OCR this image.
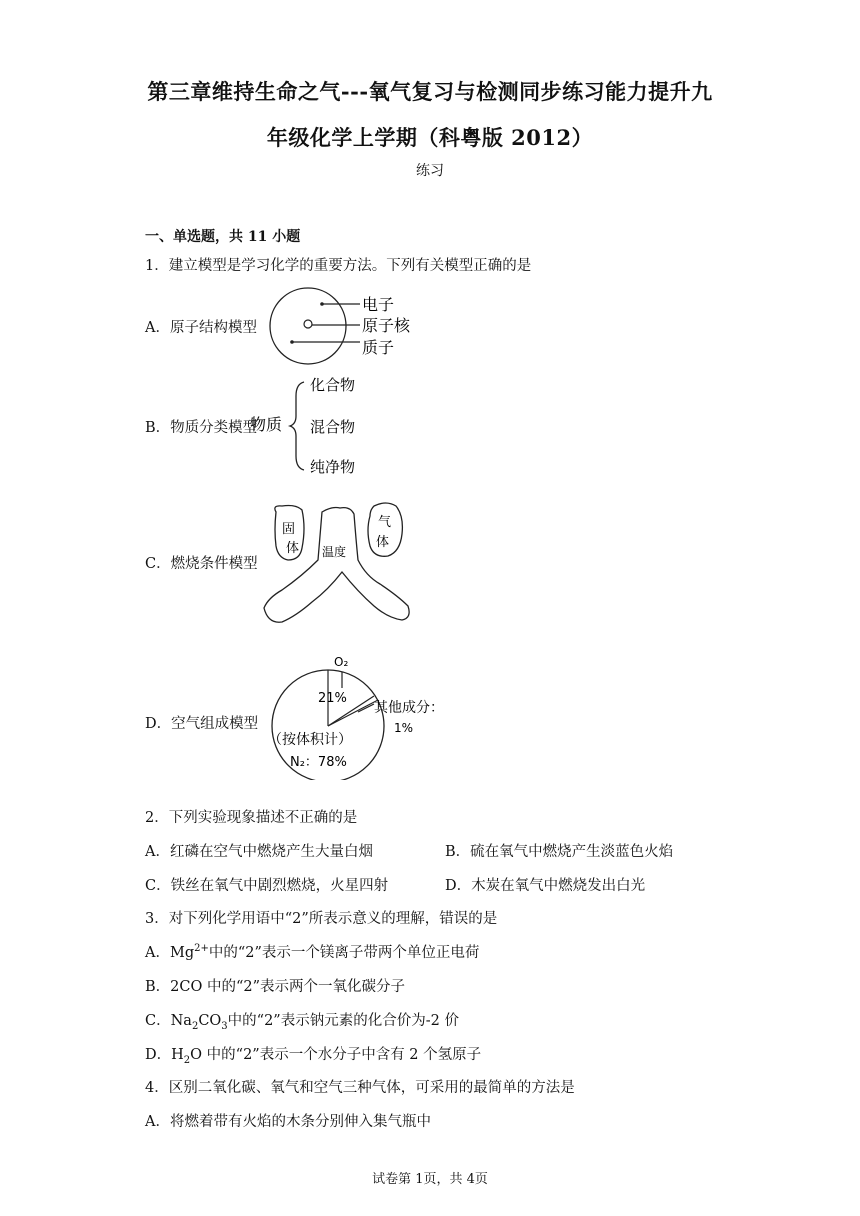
第三章维持生命之气---氧气复习与检测同步练习能力提升九
年级化学上学期（科粤版 2012）
练习
一、单选题，共 11 小题
1．建立模型是学习化学的重要方法。下列有关模型正确的是
A．原子结构模型
电子
原子核
质子
B．物质分类模型
物质
化合物
混合物
纯净物
C．燃烧条件模型
固
体
气
体
温度
D．空气组成模型
O₂
21%
其他成分：
1%
（按体积计）
N₂：78%
2．下列实验现象描述不正确的是
A．红磷在空气中燃烧产生大量白烟	B．硫在氧气中燃烧产生淡蓝色火焰
C．铁丝在氧气中剧烈燃烧，火星四射	D．木炭在氧气中燃烧发出白光
3．对下列化学用语中“2”所表示意义的理解，错误的是
A．$Mg^{2+}$中的“2”表示一个镁离子带两个单位正电荷
B．2CO 中的“2”表示两个一氧化碳分子
C．$Na_2CO_3$中的“2”表示钠元素的化合价为-2 价
D．$H_2O$ 中的“2”表示一个水分子中含有 2 个氢原子
4．区别二氧化碳、氧气和空气三种气体，可采用的最简单的方法是
A．将燃着带有火焰的木条分别伸入集气瓶中
试卷第 1页，共 4页
